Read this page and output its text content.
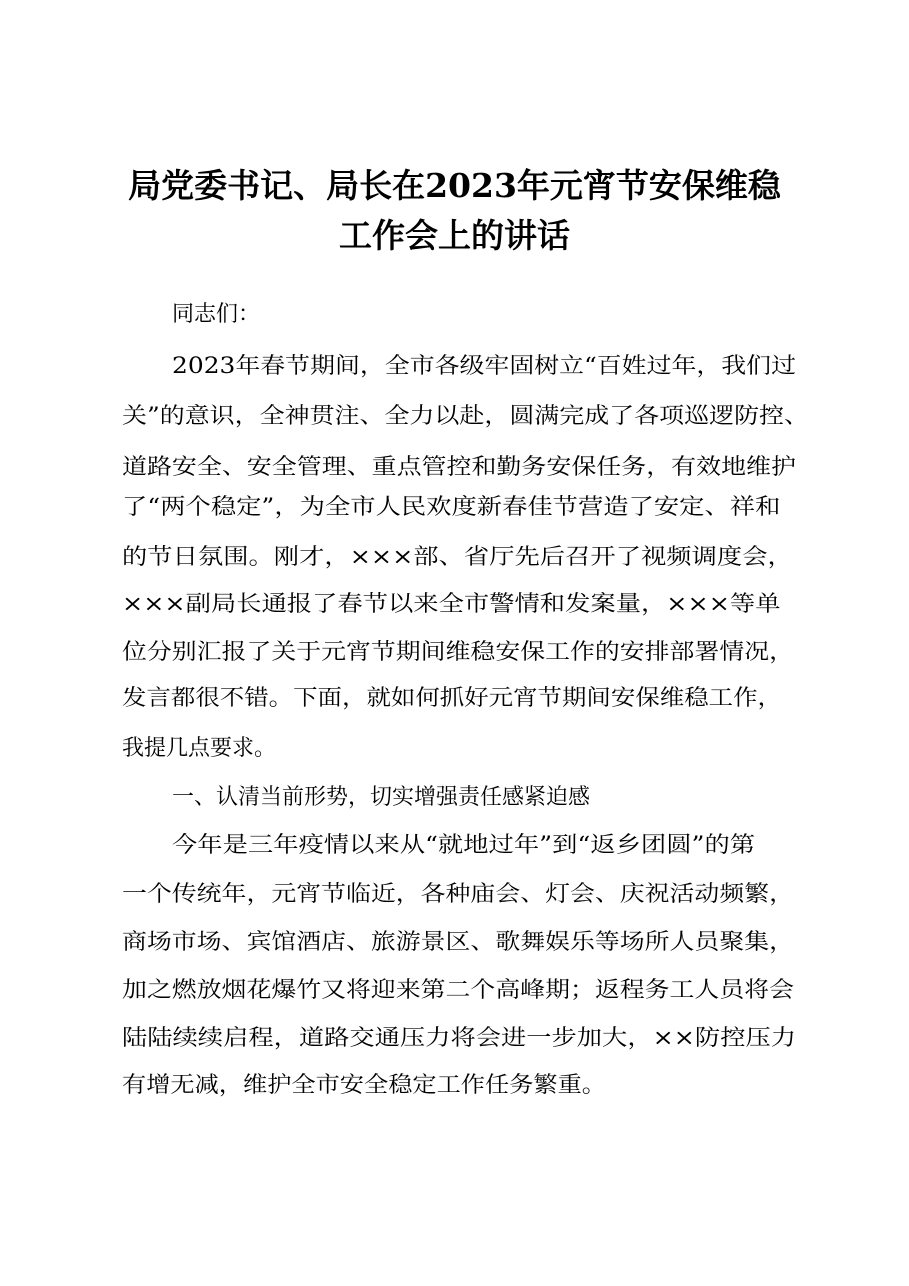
局党委书记、局长在2023年元宵节安保维稳
工作会上的讲话
同志们：
2023年春节期间，全市各级牢固树立“百姓过年，我们过
关”的意识，全神贯注、全力以赴，圆满完成了各项巡逻防控、
道路安全、安全管理、重点管控和勤务安保任务，有效地维护
了“两个稳定”，为全市人民欢度新春佳节营造了安定、祥和
的节日氛围。刚才，×××部、省厅先后召开了视频调度会，
×××副局长通报了春节以来全市警情和发案量，×××等单
位分别汇报了关于元宵节期间维稳安保工作的安排部署情况，
发言都很不错。下面，就如何抓好元宵节期间安保维稳工作，
我提几点要求。
一、认清当前形势，切实增强责任感紧迫感
今年是三年疫情以来从“就地过年”到“返乡团圆”的第
一个传统年，元宵节临近，各种庙会、灯会、庆祝活动频繁，
商场市场、宾馆酒店、旅游景区、歌舞娱乐等场所人员聚集，
加之燃放烟花爆竹又将迎来第二个高峰期；返程务工人员将会
陆陆续续启程，道路交通压力将会进一步加大，××防控压力
有增无减，维护全市安全稳定工作任务繁重。
